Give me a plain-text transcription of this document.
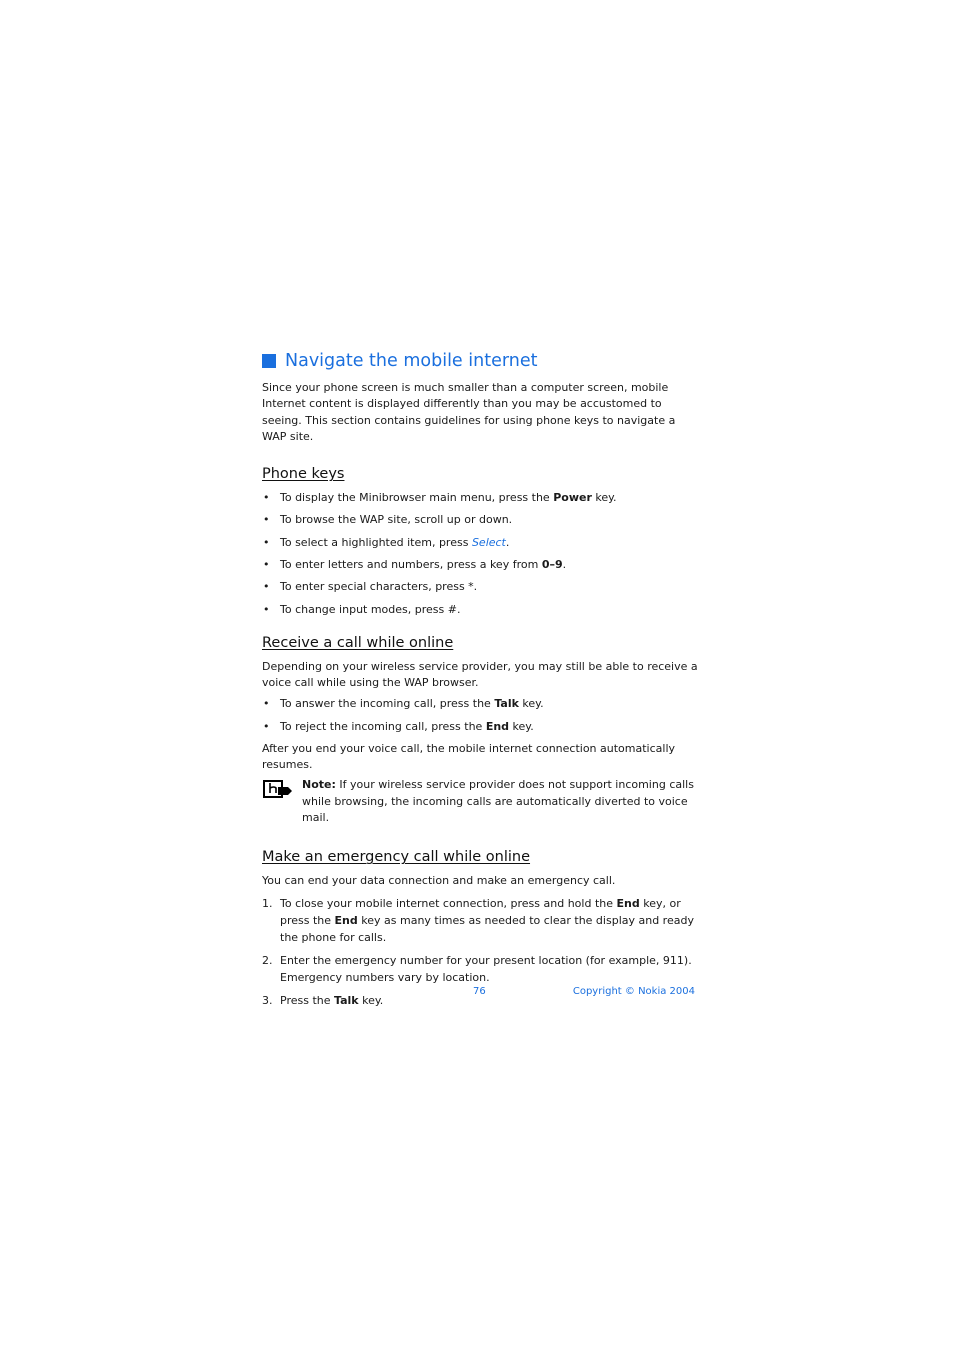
Navigate the mobile internet

Since your phone screen is much smaller than a computer screen, mobile Internet content is displayed differently than you may be accustomed to seeing. This section contains guidelines for using phone keys to navigate a WAP site.

Phone keys
• To display the Minibrowser main menu, press the Power key.
• To browse the WAP site, scroll up or down.
• To select a highlighted item, press Select.
• To enter letters and numbers, press a key from 0–9.
• To enter special characters, press *.
• To change input modes, press #.
Receive a call while online

Depending on your wireless service provider, you may still be able to receive a voice call while using the WAP browser.

• To answer the incoming call, press the Talk key.
• To reject the incoming call, press the End key.

After you end your voice call, the mobile internet connection automatically resumes.

Note: If your wireless service provider does not support incoming calls while browsing, the incoming calls are automatically diverted to voice mail.

Make an emergency call while online

You can end your data connection and make an emergency call.

1. To close your mobile internet connection, press and hold the End key, or press the End key as many times as needed to clear the display and ready the phone for calls.
2. Enter the emergency number for your present location (for example, 911). Emergency numbers vary by location.
3. Press the Talk key.
76	Copyright © Nokia 2004
